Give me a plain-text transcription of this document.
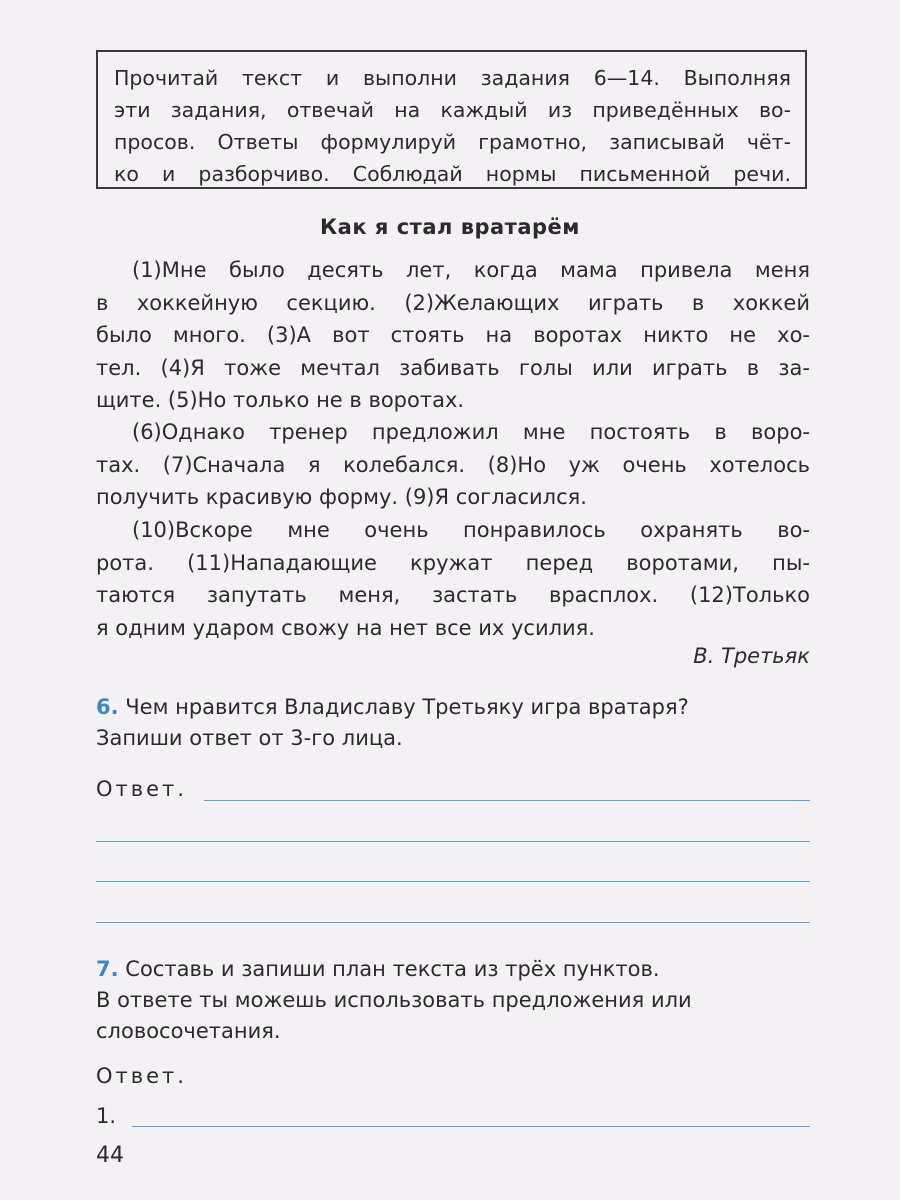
Прочитай текст и выполни задания 6—14. Выполняя
эти задания, отвечай на каждый из приведённых во-
просов. Ответы формулируй грамотно, записывай чёт-
ко и разборчиво. Соблюдай нормы письменной речи.
Как я стал вратарём
(1)Мне было десять лет, когда мама привела меня
в хоккейную секцию. (2)Желающих играть в хоккей
было много. (3)А вот стоять на воротах никто не хо-
тел. (4)Я тоже мечтал забивать голы или играть в за-
щите. (5)Но только не в воротах.
(6)Однако тренер предложил мне постоять в воро-
тах. (7)Сначала я колебался. (8)Но уж очень хотелось
получить красивую форму. (9)Я согласился.
(10)Вскоре мне очень понравилось охранять во-
рота. (11)Нападающие кружат перед воротами, пы-
таются запутать меня, застать врасплох. (12)Только
я одним ударом свожу на нет все их усилия.
В. Третьяк
6. Чем нравится Владиславу Третьяку игра вратаря?
Запиши ответ от 3-го лица.
Ответ.
7. Составь и запиши план текста из трёх пунктов.
В ответе ты можешь использовать предложения или
словосочетания.
Ответ.
1.
44
